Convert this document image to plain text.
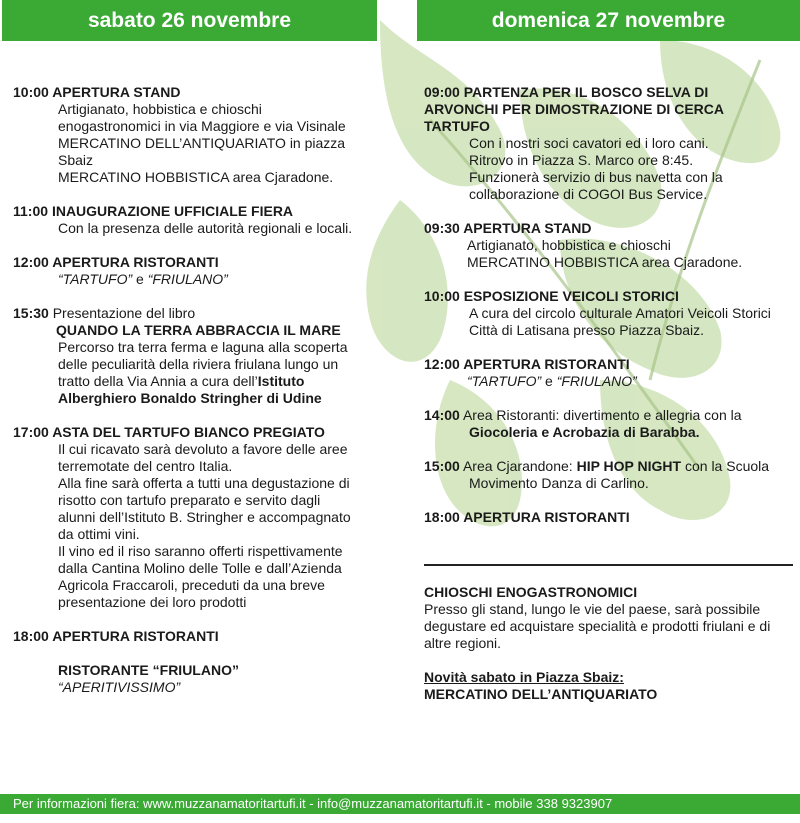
sabato 26 novembre	domenica 27 novembre
10:00 APERTURA STAND
Artigianato, hobbistica e chioschi
enogastronomici in via Maggiore e via Visinale
MERCATINO DELL’ANTIQUARIATO in piazza
Sbaiz
MERCATINO HOBBISTICA area Cjaradone.
11:00 INAUGURAZIONE UFFICIALE FIERA
Con la presenza delle autorità regionali e locali.
12:00 APERTURA RISTORANTI
“TARTUFO” e “FRIULANO”
15:30 Presentazione del libro
QUANDO LA TERRA ABBRACCIA IL MARE
Percorso tra terra ferma e laguna alla scoperta
delle peculiarità della riviera friulana lungo un
tratto della Via Annia a cura dell’Istituto
Alberghiero Bonaldo Stringher di Udine
17:00 ASTA DEL TARTUFO BIANCO PREGIATO
Il cui ricavato sarà devoluto a favore delle aree
terremotate del centro Italia.
Alla fine sarà offerta a tutti una degustazione di
risotto con tartufo preparato e servito dagli
alunni dell’Istituto B. Stringher e accompagnato
da ottimi vini.
Il vino ed il riso saranno offerti rispettivamente
dalla Cantina Molino delle Tolle e dall’Azienda
Agricola Fraccaroli, preceduti da una breve
presentazione dei loro prodotti
18:00 APERTURA RISTORANTI
RISTORANTE “FRIULANO”
“APERITIVISSIMO”
09:00 PARTENZA PER IL BOSCO SELVA DI
ARVONCHI PER DIMOSTRAZIONE DI CERCA
TARTUFO
Con i nostri soci cavatori ed i loro cani.
Ritrovo in Piazza S. Marco ore 8:45.
Funzionerà servizio di bus navetta con la
collaborazione di COGOI Bus Service.
09:30 APERTURA STAND
Artigianato, hobbistica e chioschi
MERCATINO HOBBISTICA area Cjaradone.
10:00 ESPOSIZIONE VEICOLI STORICI
A cura del circolo culturale Amatori Veicoli Storici
Città di Latisana presso Piazza Sbaiz.
12:00 APERTURA RISTORANTI
“TARTUFO” e “FRIULANO”
14:00 Area Ristoranti: divertimento e allegria con la
Giocoleria e Acrobazia di Barabba.
15:00 Area Cjarandone: HIP HOP NIGHT con la Scuola
Movimento Danza di Carlino.
18:00 APERTURA RISTORANTI
CHIOSCHI ENOGASTRONOMICI
Presso gli stand, lungo le vie del paese, sarà possibile
degustare ed acquistare specialità e prodotti friulani e di
altre regioni.
Novità sabato in Piazza Sbaiz:
MERCATINO DELL’ANTIQUARIATO
Per informazioni fiera: www.muzzanamatoritartufi.it - info@muzzanamatoritartufi.it - mobile 338 9323907
